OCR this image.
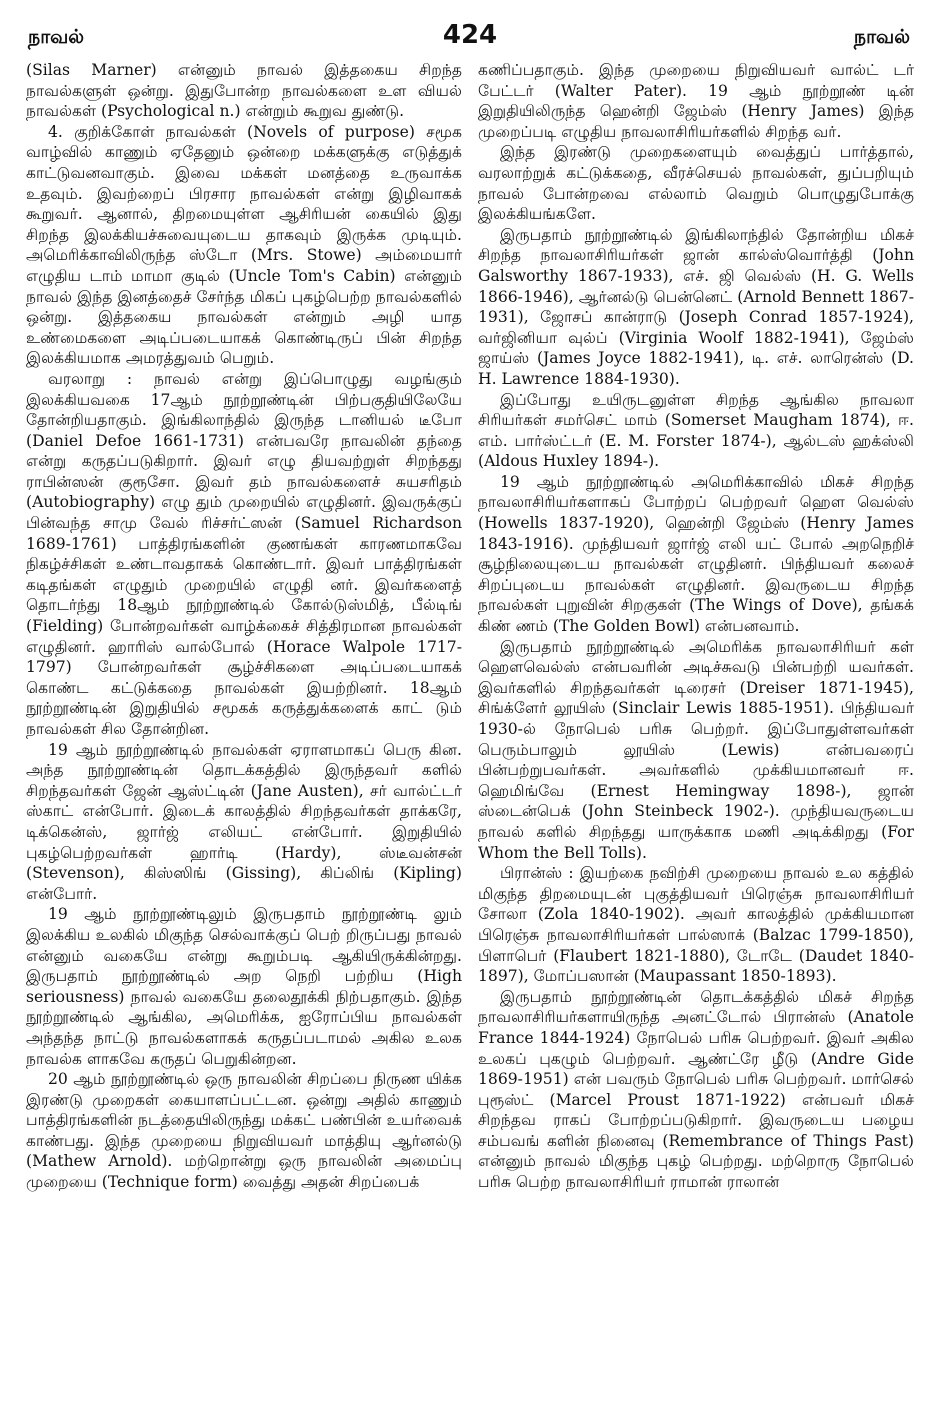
நாவல்	424	நாவல்

(Silas Marner) என்னும் நாவல் இத்தகைய சிறந்த நாவல்களுள் ஒன்று. இதுபோன்ற நாவல்களை உள வியல் நாவல்கள் (Psychological n.) என்றும் கூறுவ துண்டு.

4. குறிக்கோள் நாவல்கள் (Novels of purpose) சமூக வாழ்வில் காணும் ஏதேனும் ஒன்றை மக்களுக்கு எடுத்துக் காட்டுவனவாகும். இவை மக்கள் மனத்தை உருவாக்க உதவும். இவற்றைப் பிரசார நாவல்கள் என்று இழிவாகக் கூறுவர். ஆனால், திறமையுள்ள ஆசிரியன் கையில் இது சிறந்த இலக்கியச்சுவையுடைய தாகவும் இருக்க முடியும். அமெரிக்காவிலிருந்த ஸ்டோ (Mrs. Stowe) அம்மையார் எழுதிய டாம் மாமா குடில் (Uncle Tom's Cabin) என்னும் நாவல் இந்த இனத்தைச் சேர்ந்த மிகப் புகழ்பெற்ற நாவல்களில் ஒன்று. இத்தகைய நாவல்கள் என்றும் அழி யாத உண்மைகளை அடிப்படையாகக் கொண்டிருப் பின் சிறந்த இலக்கியமாக அமரத்துவம் பெறும்.

வரலாறு : நாவல் என்று இப்பொழுது வழங்கும் இலக்கியவகை 17ஆம் நூற்றூண்டின் பிற்பகுதியிலேயே தோன்றியதாகும். இங்கிலாந்தில் இருந்த டானியல் டீபோ (Daniel Defoe 1661-1731) என்பவரே நாவலின் தந்தை என்று கருதப்படுகிறார். இவர் எழு தியவற்றுள் சிறந்தது ராபின்ஸன் குரூசோ. இவர் தம் நாவல்களைச் சுயசரிதம் (Autobiography) எழு தும் முறையில் எழுதினர். இவருக்குப் பின்வந்த சாமு வேல் ரிச்சர்ட்ஸன் (Samuel Richardson 1689-1761) பாத்திரங்களின் குணங்கள் காரணமாகவே நிகழ்ச்சிகள் உண்டாவதாகக் கொண்டார். இவர் பாத்திரங்கள் கடிதங்கள் எழுதும் முறையில் எழுதி னர். இவர்களைத் தொடர்ந்து 18ஆம் நூற்றூண்டில் கோல்டுஸ்மித், பீல்டிங் (Fielding) போன்றவர்கள் வாழ்க்கைச் சித்திரமான நாவல்கள் எழுதினர். ஹாரிஸ் வால்போல் (Horace Walpole 1717-1797) போன்றவர்கள் சூழ்ச்சிகளை அடிப்படையாகக் கொண்ட கட்டுக்கதை நாவல்கள் இயற்றினர். 18ஆம் நூற்றூண்டின் இறுதியில் சமூகக் கருத்துக்களைக் காட் டும் நாவல்கள் சில தோன்றின.

19 ஆம் நூற்றூண்டில் நாவல்கள் ஏராளமாகப் பெரு கின. அந்த நூற்றூண்டின் தொடக்கத்தில் இருந்தவர் களில் சிறந்தவர்கள் ஜேன் ஆஸ்ட்டின் (Jane Austen), சர் வால்ட்டர் ஸ்காட் என்போர். இடைக் காலத்தில் சிறந்தவர்கள் தாக்கரே, டிக்கென்ஸ், ஜார்ஜ் எலியட் என்போர். இறுதியில் புகழ்பெற்றவர்கள் ஹார்டி (Hardy), ஸ்டீவன்சன் (Stevenson), கிஸ்ஸிங் (Gissing), கிப்லிங் (Kipling) என்போர்.

19 ஆம் நூற்றூண்டிலும் இருபதாம் நூற்றூண்டி லும் இலக்கிய உலகில் மிகுந்த செல்வாக்குப் பெற் றிருப்பது நாவல் என்னும் வகையே என்று கூறும்படி ஆகியிருக்கின்றது. இருபதாம் நூற்றூண்டில் அற நெறி பற்றிய (High seriousness) நாவல் வகையே தலைதூக்கி நிற்பதாகும். இந்த நூற்றூண்டில் ஆங்கில, அமெரிக்க, ஐரோப்பிய நாவல்கள் அந்தந்த நாட்டு நாவல்களாகக் கருதப்படாமல் அகில உலக நாவல்க ளாகவே கருதப் பெறுகின்றன.

20 ஆம் நூற்றூண்டில் ஒரு நாவலின் சிறப்பை நிருண யிக்க இரண்டு முறைகள் கையாளப்பட்டன. ஒன்று அதில் காணும் பாத்திரங்களின் நடத்தையிலிருந்து மக்கட் பண்பின் உயர்வைக் காண்பது. இந்த முறையை நிறுவியவர் மாத்தியு ஆர்னல்டு (Mathew Arnold). மற்றொன்று ஒரு நாவலின் அமைப்பு முறையை (Technique form) வைத்து அதன் சிறப்பைக்

கணிப்பதாகும். இந்த முறையை நிறுவியவர் வால்ட் டர் பேட்டர் (Walter Pater). 19 ஆம் நூற்றூண் டின் இறுதியிலிருந்த ஹென்றி ஜேம்ஸ் (Henry James) இந்த முறைப்படி எழுதிய நாவலாசிரியர்களில் சிறந்த வர்.

இந்த இரண்டு முறைகளையும் வைத்துப் பார்த்தால், வரலாற்றுக் கட்டுக்கதை, வீரச்செயல் நாவல்கள், துப்பறியும் நாவல் போன்றவை எல்லாம் வெறும் பொழுதுபோக்கு இலக்கியங்களே.

இருபதாம் நூற்றூண்டில் இங்கிலாந்தில் தோன்றிய மிகச் சிறந்த நாவலாசிரியர்கள் ஜான் கால்ஸ்வொர்த்தி (John Galsworthy 1867-1933), எச். ஜி வெல்ஸ் (H. G. Wells 1866-1946), ஆர்னல்டு பென்னெட் (Arnold Bennett 1867-1931), ஜோசப் கான்ராடு (Joseph Conrad 1857-1924), வர்ஜினியா வுல்ப் (Virginia Woolf 1882-1941), ஜேம்ஸ் ஜாய்ஸ் (James Joyce 1882-1941), டி. எச். லாரென்ஸ் (D. H. Lawrence 1884-1930).

இப்போது உயிருடனுள்ள சிறந்த ஆங்கில நாவலா சிரியர்கள் சமர்செட் மாம் (Somerset Maugham 1874), ஈ. எம். பார்ஸ்ட்டர் (E. M. Forster 1874-), ஆல்டஸ் ஹக்ஸ்லி (Aldous Huxley 1894-).

19 ஆம் நூற்றூண்டில் அமெரிக்காவில் மிகச் சிறந்த நாவலாசிரியர்களாகப் போற்றப் பெற்றவர் ஹௌ வெல்ஸ் (Howells 1837-1920), ஹென்றி ஜேம்ஸ் (Henry James 1843-1916). முந்தியவர் ஜார்ஜ் எலி யட் போல் அறநெறிச் சூழ்நிலையுடைய நாவல்கள் எழுதினர். பிந்தியவர் கலைச் சிறப்புடைய நாவல்கள் எழுதினர். இவருடைய சிறந்த நாவல்கள் புறுவின் சிறகுகள் (The Wings of Dove), தங்கக் கிண் ணம் (The Golden Bowl) என்பனவாம்.

இருபதாம் நூற்றூண்டில் அமெரிக்க நாவலாசிரியர் கள் ஹௌவெல்ஸ் என்பவரின் அடிச்சுவடு பின்பற்றி யவர்கள். இவர்களில் சிறந்தவர்கள் டிரைசர் (Dreiser 1871-1945), சிங்க்ளேர் லூயிஸ் (Sinclair Lewis 1885-1951). பிந்தியவர் 1930-ல் நோபெல் பரிசு பெற்றர். இப்போதுள்ளவர்கள் பெரும்பாலும் லூயிஸ் (Lewis) என்பவரைப் பின்பற்றுபவர்கள். அவர்களில் முக்கியமானவர் ஈ. ஹெமிங்வே (Ernest Hemingway 1898-), ஜான் ஸ்டைன்பெக் (John Steinbeck 1902-). முந்தியவருடைய நாவல் களில் சிறந்தது யாருக்காக மணி அடிக்கிறது (For Whom the Bell Tolls).

பிரான்ஸ் : இயற்கை நவிற்சி முறையை நாவல் உல கத்தில் மிகுந்த திறமையுடன் புகுத்தியவர் பிரெஞ்சு நாவலாசிரியர் சோலா (Zola 1840-1902). அவர் காலத்தில் முக்கியமான பிரெஞ்சு நாவலாசிரியர்கள் பால்ஸாக் (Balzac 1799-1850), பிளாபெர் (Flaubert 1821-1880), டோடே (Daudet 1840-1897), மோப்பஸான் (Maupassant 1850-1893).

இருபதாம் நூற்றூண்டின் தொடக்கத்தில் மிகச் சிறந்த நாவலாசிரியர்களாயிருந்த அனட்டோல் பிரான்ஸ் (Anatole France 1844-1924) நோபெல் பரிசு பெற்றவர். இவர் அகில உலகப் புகழும் பெற்றவர். ஆண்ட்ரே ழீடு (Andre Gide 1869-1951) என் பவரும் நோபெல் பரிசு பெற்றவர். மார்செல் புரூஸ்ட் (Marcel Proust 1871-1922) என்பவர் மிகச் சிறந்தவ ராகப் போற்றப்படுகிறார். இவருடைய பழைய சம்பவங் களின் நினைவு (Remembrance of Things Past) என்னும் நாவல் மிகுந்த புகழ் பெற்றது. மற்றொரு நோபெல் பரிசு பெற்ற நாவலாசிரியர் ராமான் ராலான்
